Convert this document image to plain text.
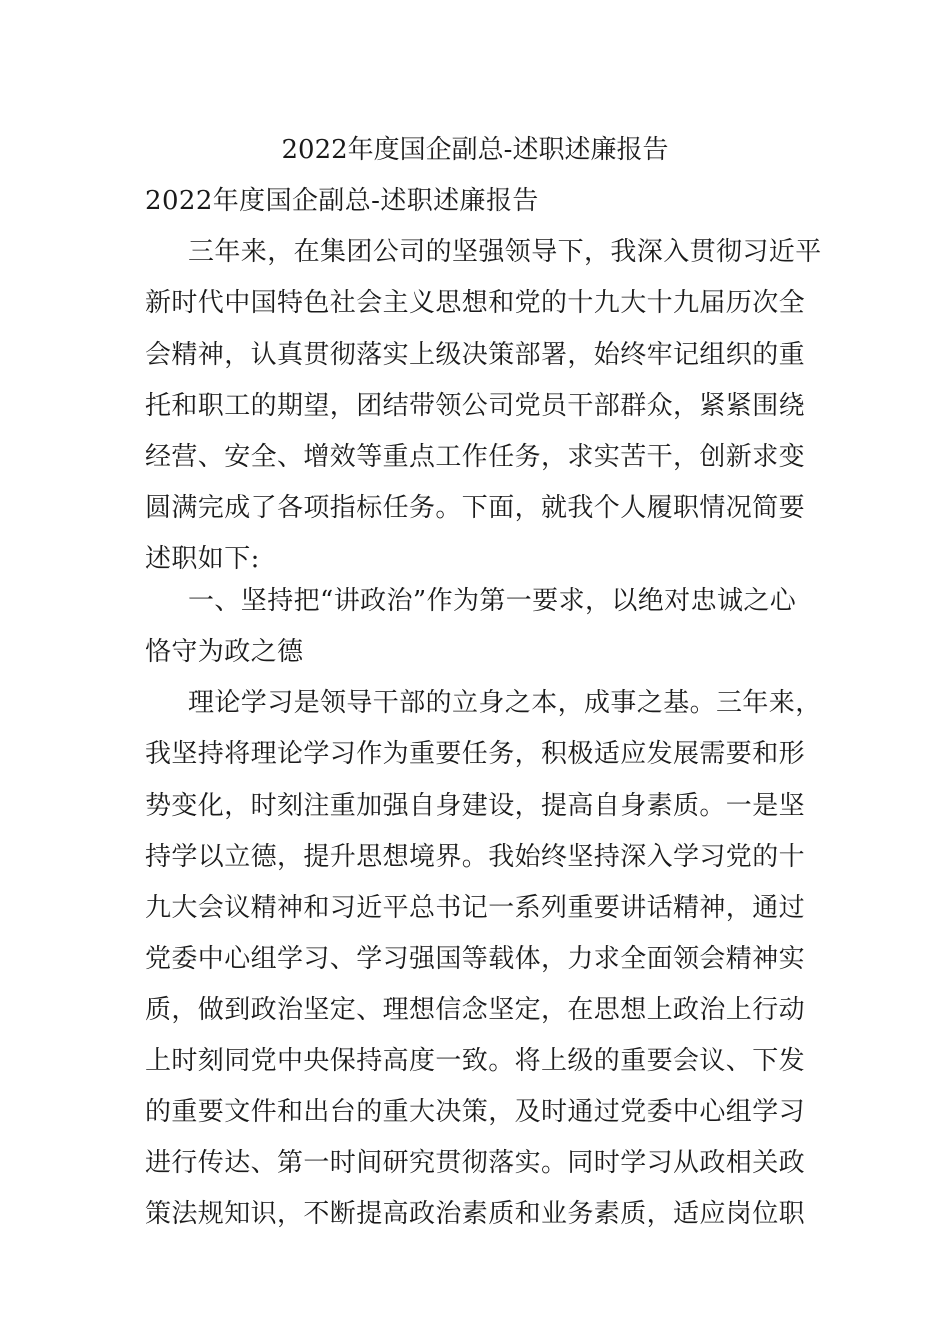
2022年度国企副总-述职述廉报告
2022年度国企副总-述职述廉报告
三年来，在集团公司的坚强领导下，我深入贯彻习近平
新时代中国特色社会主义思想和党的十九大十九届历次全
会精神，认真贯彻落实上级决策部署，始终牢记组织的重
托和职工的期望，团结带领公司党员干部群众，紧紧围绕
经营、安全、增效等重点工作任务，求实苦干，创新求变
圆满完成了各项指标任务。下面，就我个人履职情况简要
述职如下:
一、坚持把“讲政治”作为第一要求，以绝对忠诚之心
恪守为政之德
理论学习是领导干部的立身之本，成事之基。三年来，
我坚持将理论学习作为重要任务，积极适应发展需要和形
势变化，时刻注重加强自身建设，提高自身素质。一是坚
持学以立德，提升思想境界。我始终坚持深入学习党的十
九大会议精神和习近平总书记一系列重要讲话精神，通过
党委中心组学习、学习强国等载体，力求全面领会精神实
质，做到政治坚定、理想信念坚定，在思想上政治上行动
上时刻同党中央保持高度一致。将上级的重要会议、下发
的重要文件和出台的重大决策，及时通过党委中心组学习
进行传达、第一时间研究贯彻落实。同时学习从政相关政
策法规知识，不断提高政治素质和业务素质，适应岗位职
